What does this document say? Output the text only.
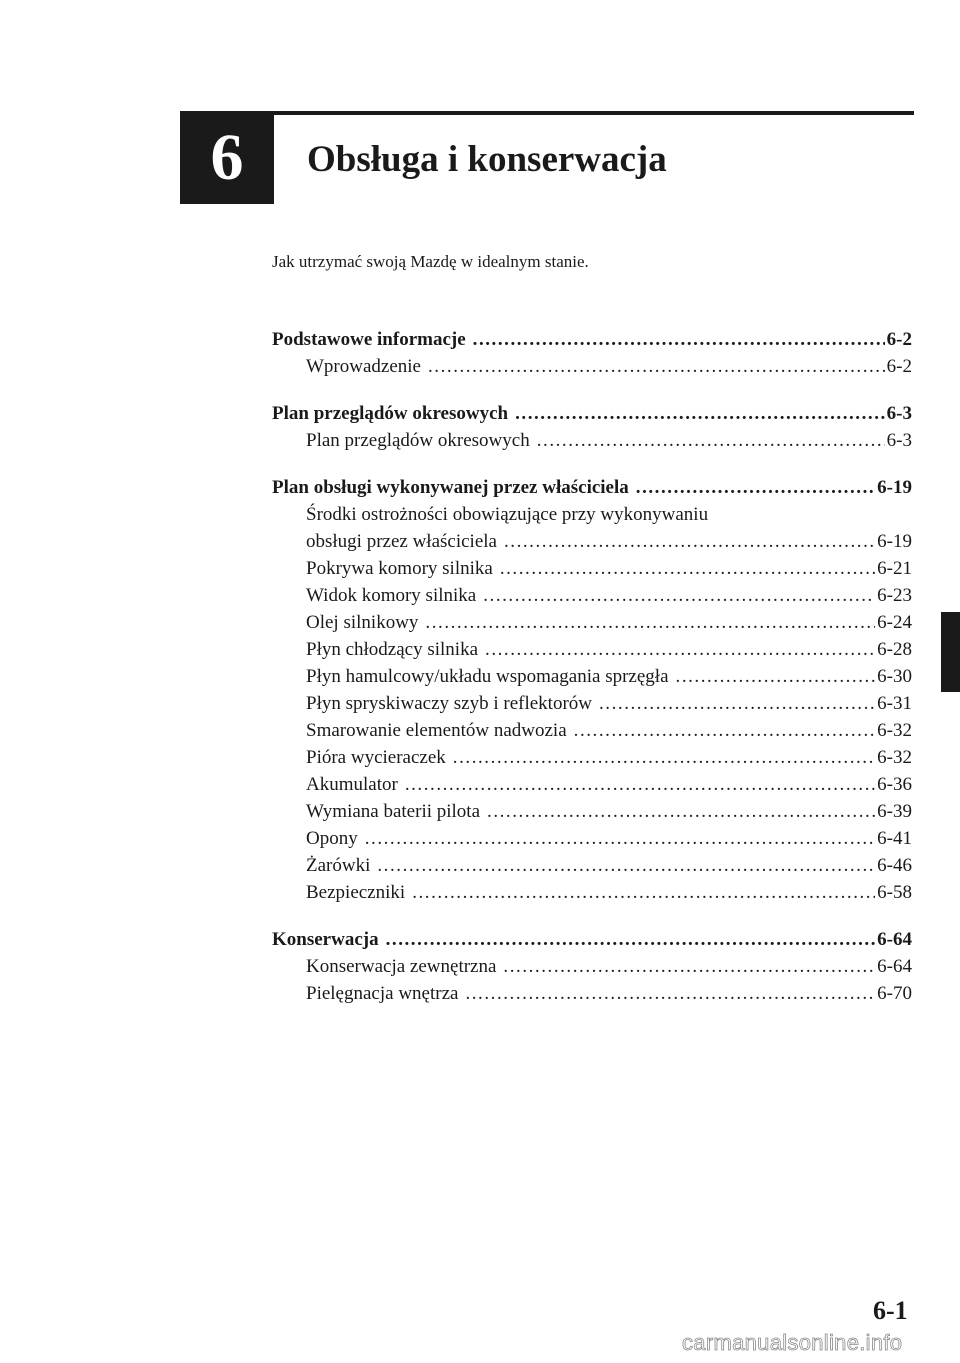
6 Obsługa i konserwacja
Jak utrzymać swoją Mazdę w idealnym stanie.
Podstawowe informacje . . .	6-2
Wprowadzenie . . .	6-2
Plan przeglądów okresowych . . .	6-3
Plan przeglądów okresowych . . .	6-3
Plan obsługi wykonywanej przez właściciela . . .	6-19
Środki ostrożności obowiązujące przy wykonywaniu
obsługi przez właściciela . . .	6-19
Pokrywa komory silnika . . .	6-21
Widok komory silnika . . .	6-23
Olej silnikowy . . .	6-24
Płyn chłodzący silnika . . .	6-28
Płyn hamulcowy/układu wspomagania sprzęgła . . .	6-30
Płyn spryskiwaczy szyb i reflektorów . . .	6-31
Smarowanie elementów nadwozia . . .	6-32
Pióra wycieraczek . . .	6-32
Akumulator . . .	6-36
Wymiana baterii pilota . . .	6-39
Opony . . .	6-41
Żarówki . . .	6-46
Bezpieczniki . . .	6-58
Konserwacja . . .	6-64
Konserwacja zewnętrzna . . .	6-64
Pielęgnacja wnętrza . . .	6-70
6-1
carmanualsonline.info
